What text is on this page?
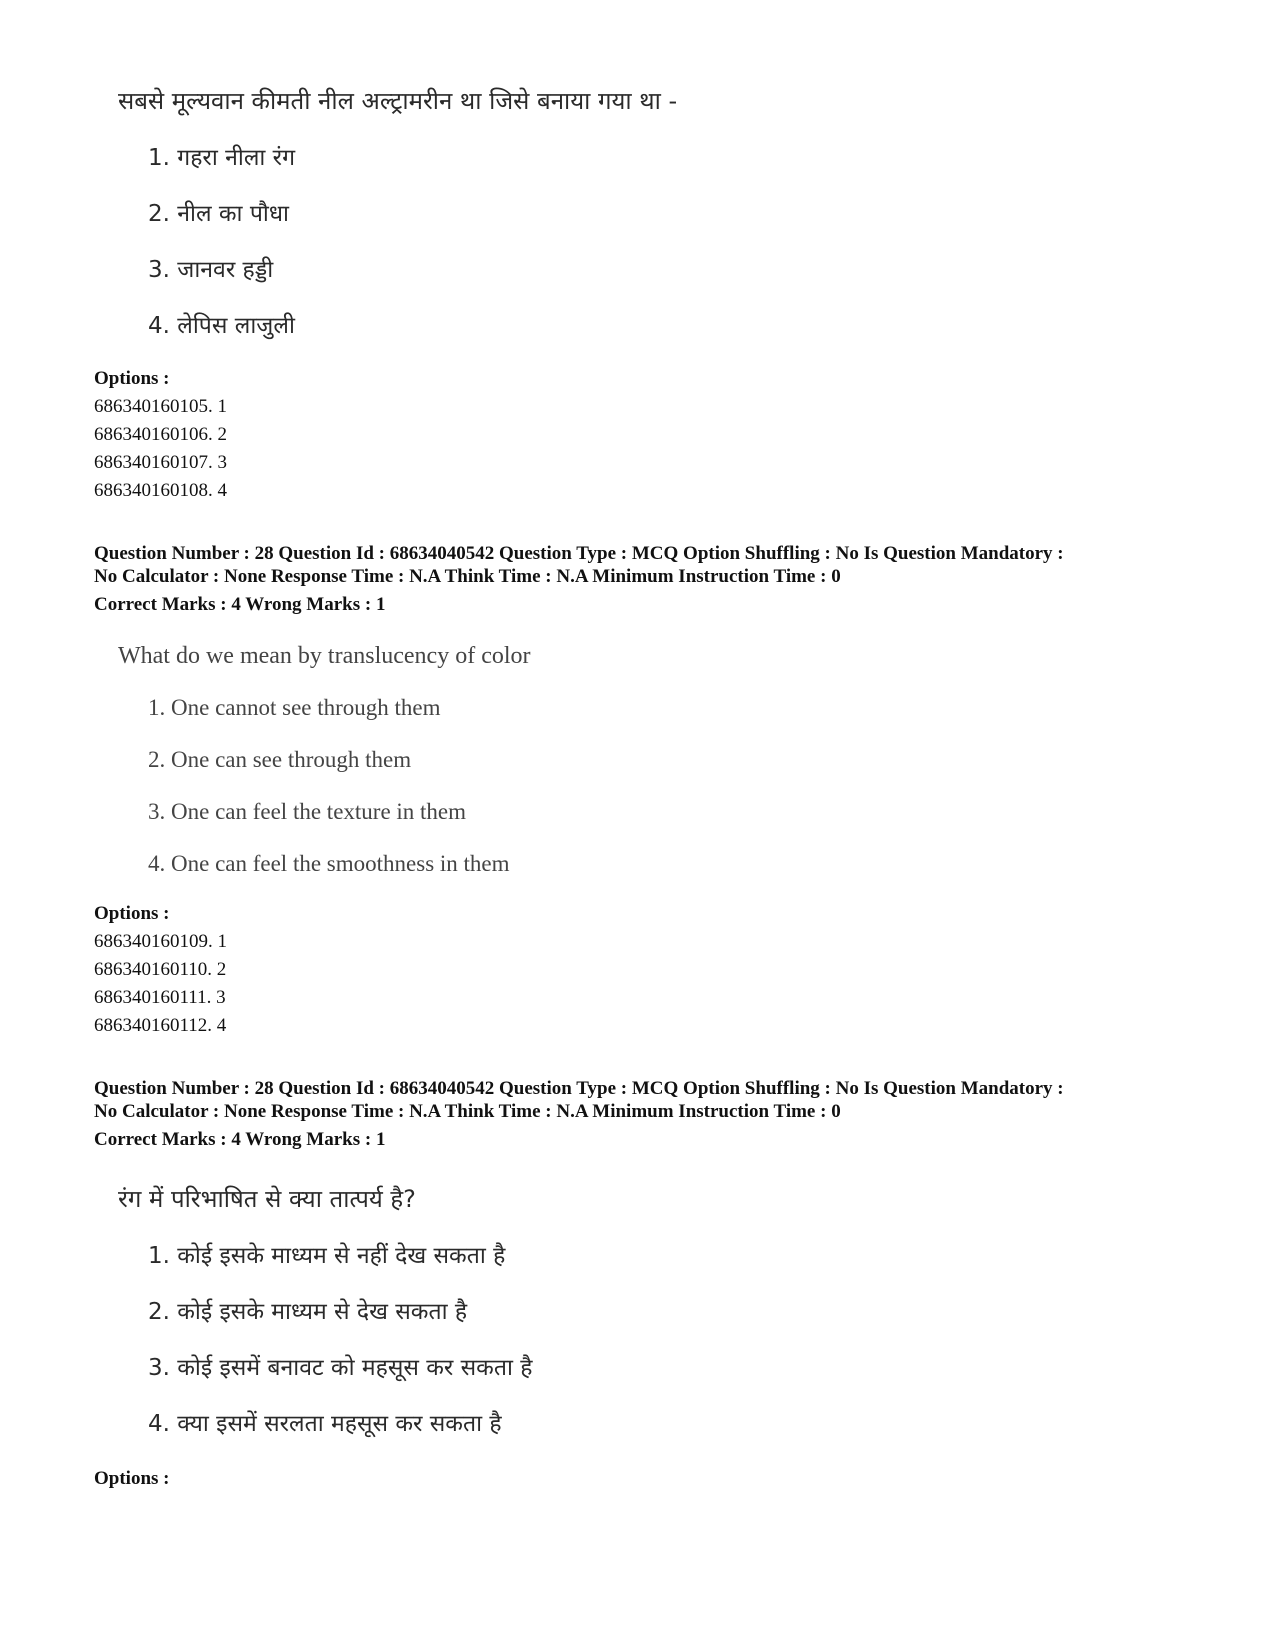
सबसे मूल्यवान कीमती नील अल्ट्रामरीन था जिसे बनाया गया था -
1. गहरा नीला रंग
2. नील का पौधा
3. जानवर हड्डी
4. लेपिस लाजुली
Options :
686340160105. 1
686340160106. 2
686340160107. 3
686340160108. 4
Question Number : 28 Question Id : 68634040542 Question Type : MCQ Option Shuffling : No Is Question Mandatory :
No Calculator : None Response Time : N.A Think Time : N.A Minimum Instruction Time : 0
Correct Marks : 4 Wrong Marks : 1
What do we mean by translucency of color
1. One cannot see through them
2. One can see through them
3. One can feel the texture in them
4. One can feel the smoothness in them
Options :
686340160109. 1
686340160110. 2
686340160111. 3
686340160112. 4
Question Number : 28 Question Id : 68634040542 Question Type : MCQ Option Shuffling : No Is Question Mandatory :
No Calculator : None Response Time : N.A Think Time : N.A Minimum Instruction Time : 0
Correct Marks : 4 Wrong Marks : 1
रंग में परिभाषित से क्या तात्पर्य है?
1. कोई इसके माध्यम से नहीं देख सकता है
2. कोई इसके माध्यम से देख सकता है
3. कोई इसमें बनावट को महसूस कर सकता है
4. क्या इसमें सरलता महसूस कर सकता है
Options :
